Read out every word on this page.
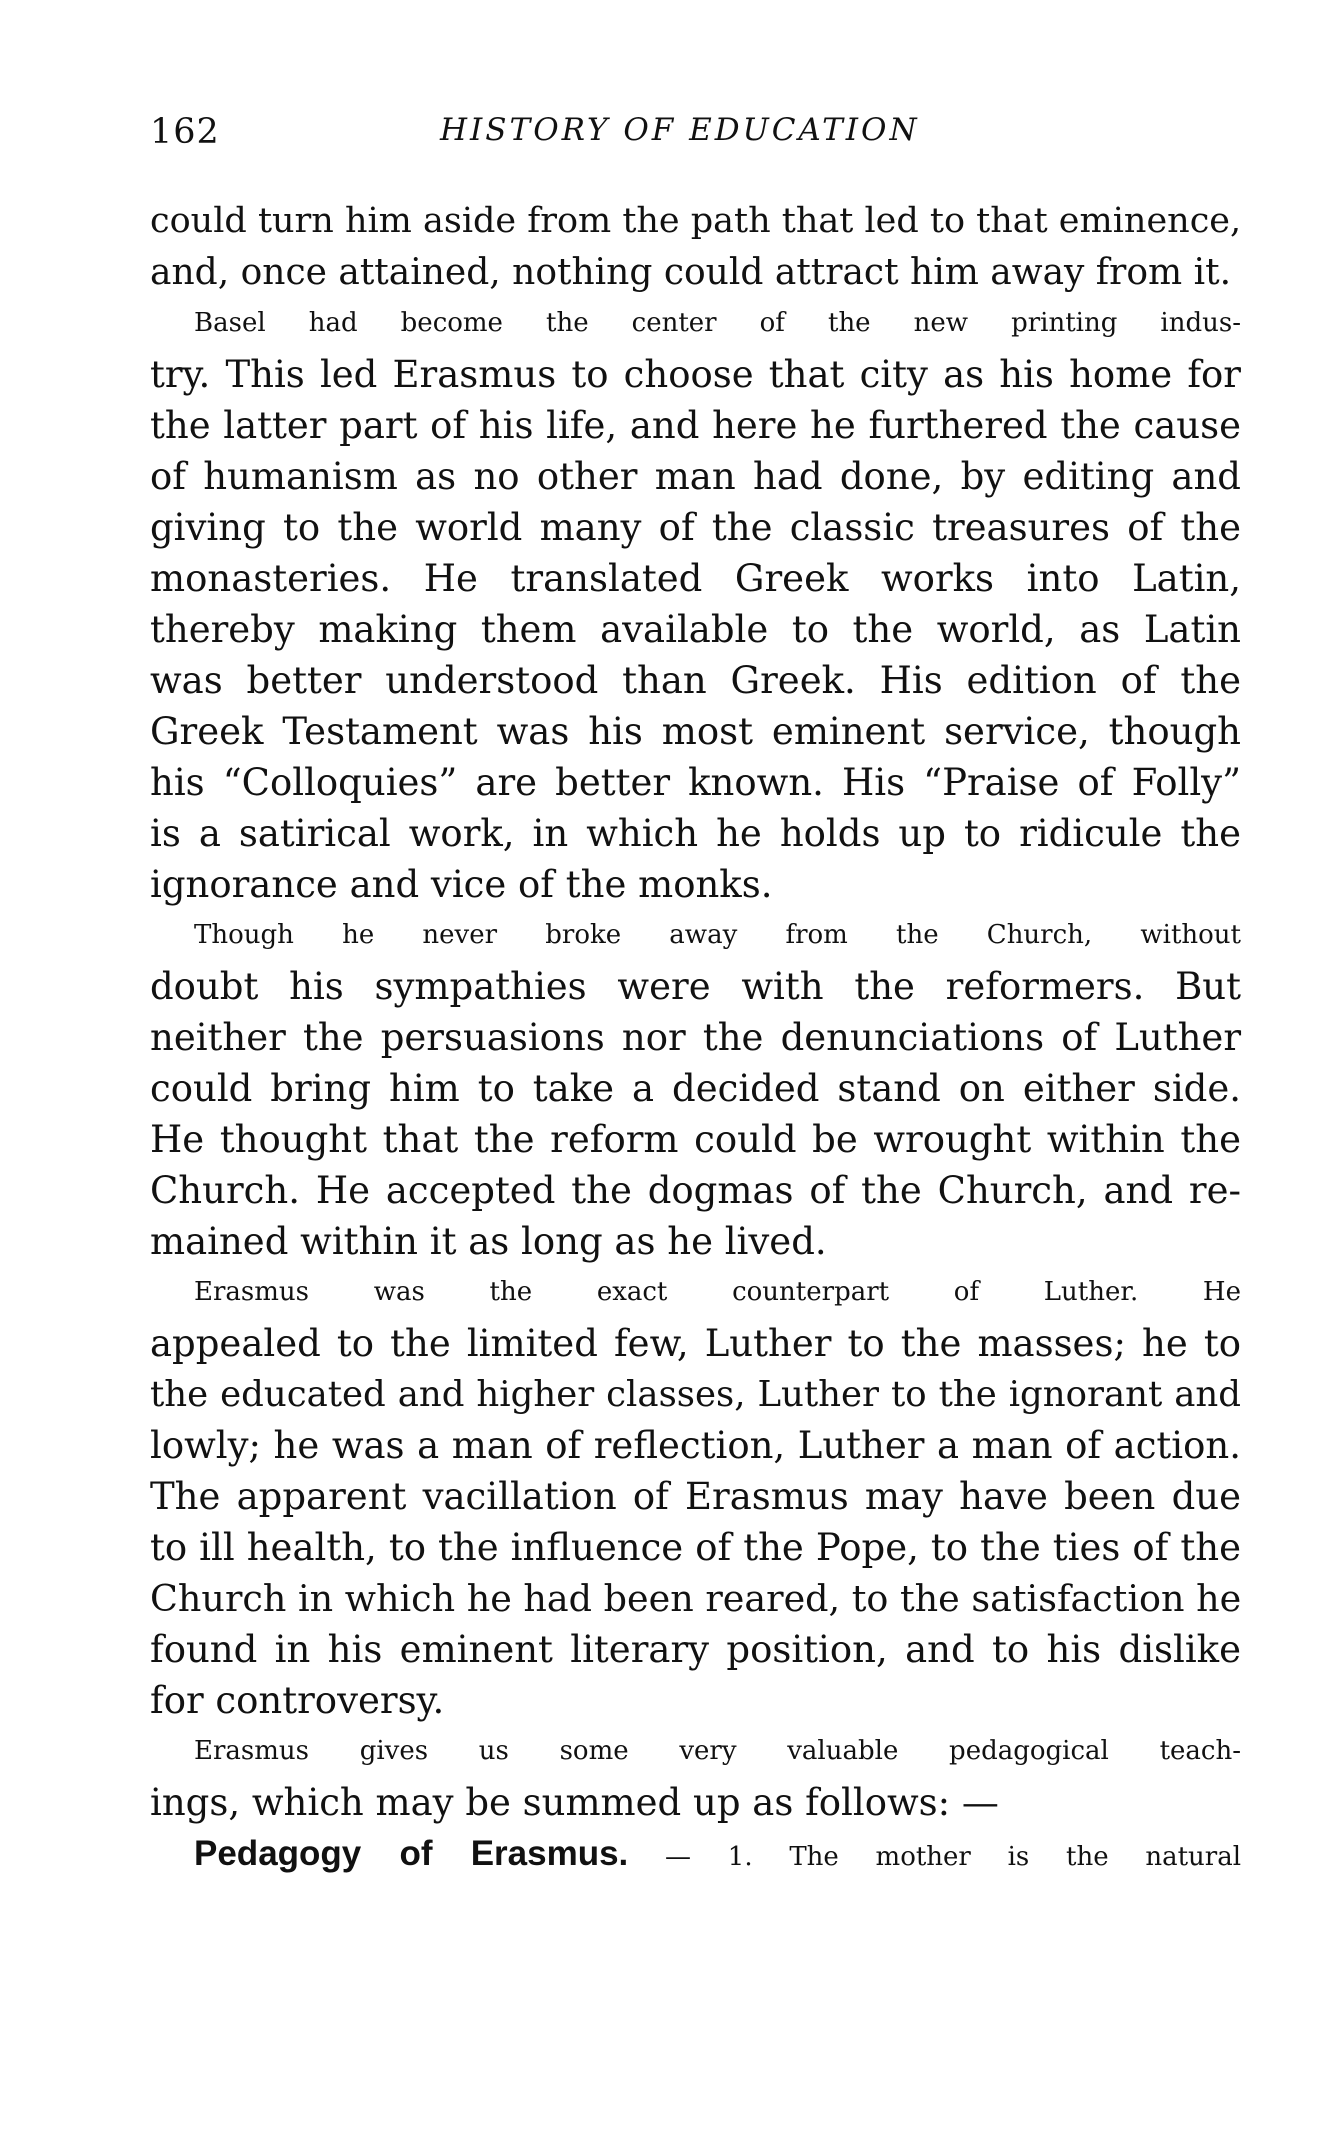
162	HISTORY OF EDUCATION
could turn him aside from the path that led to that eminence,
and, once attained, nothing could attract him away from it.
Basel had become the center of the new printing indus-
try. This led Erasmus to choose that city as his home for
the latter part of his life, and here he furthered the cause
of humanism as no other man had done, by editing and
giving to the world many of the classic treasures of the
monasteries. He translated Greek works into Latin,
thereby making them available to the world, as Latin
was better understood than Greek. His edition of the
Greek Testament was his most eminent service, though
his “Colloquies” are better known. His “Praise of Folly”
is a satirical work, in which he holds up to ridicule the
ignorance and vice of the monks.
Though he never broke away from the Church, without
doubt his sympathies were with the reformers. But
neither the persuasions nor the denunciations of Luther
could bring him to take a decided stand on either side.
He thought that the reform could be wrought within the
Church. He accepted the dogmas of the Church, and re-
mained within it as long as he lived.
Erasmus was the exact counterpart of Luther. He
appealed to the limited few, Luther to the masses; he to
the educated and higher classes, Luther to the ignorant and
lowly; he was a man of reflection, Luther a man of action.
The apparent vacillation of Erasmus may have been due
to ill health, to the influence of the Pope, to the ties of the
Church in which he had been reared, to the satisfaction he
found in his eminent literary position, and to his dislike
for controversy.
Erasmus gives us some very valuable pedagogical teach-
ings, which may be summed up as follows: —
Pedagogy of Erasmus. — 1. The mother is the natural
